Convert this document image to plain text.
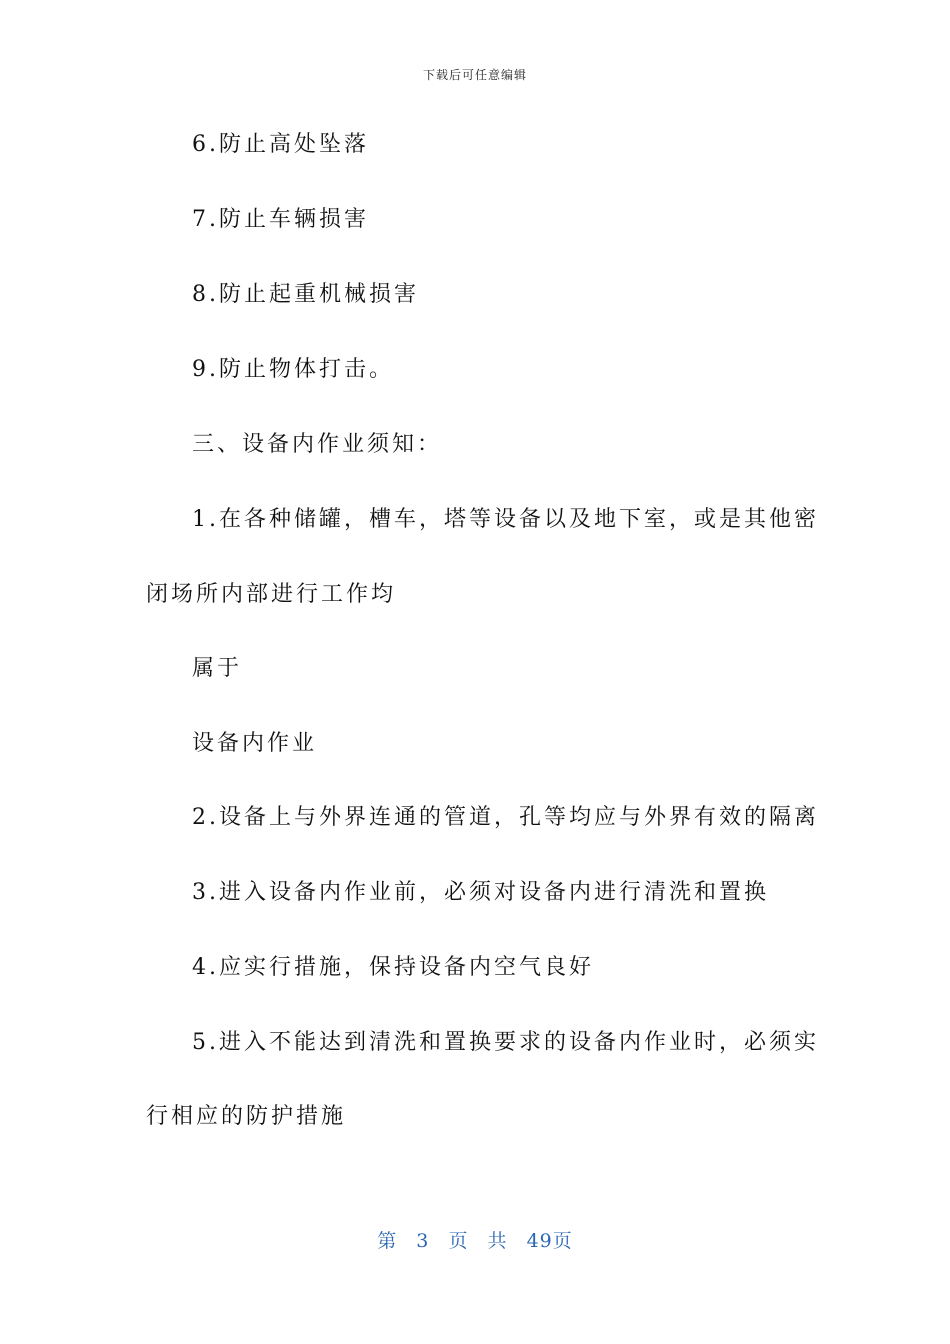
下载后可任意编辑
6.防止高处坠落
7.防止车辆损害
8.防止起重机械损害
9.防止物体打击。
三、设备内作业须知：
1.在各种储罐，槽车，塔等设备以及地下室，或是其他密
闭场所内部进行工作均
属于
设备内作业
2.设备上与外界连通的管道，孔等均应与外界有效的隔离
3.进入设备内作业前，必须对设备内进行清洗和置换
4.应实行措施，保持设备内空气良好
5.进入不能达到清洗和置换要求的设备内作业时，必须实
行相应的防护措施
第 3 页 共 49页
